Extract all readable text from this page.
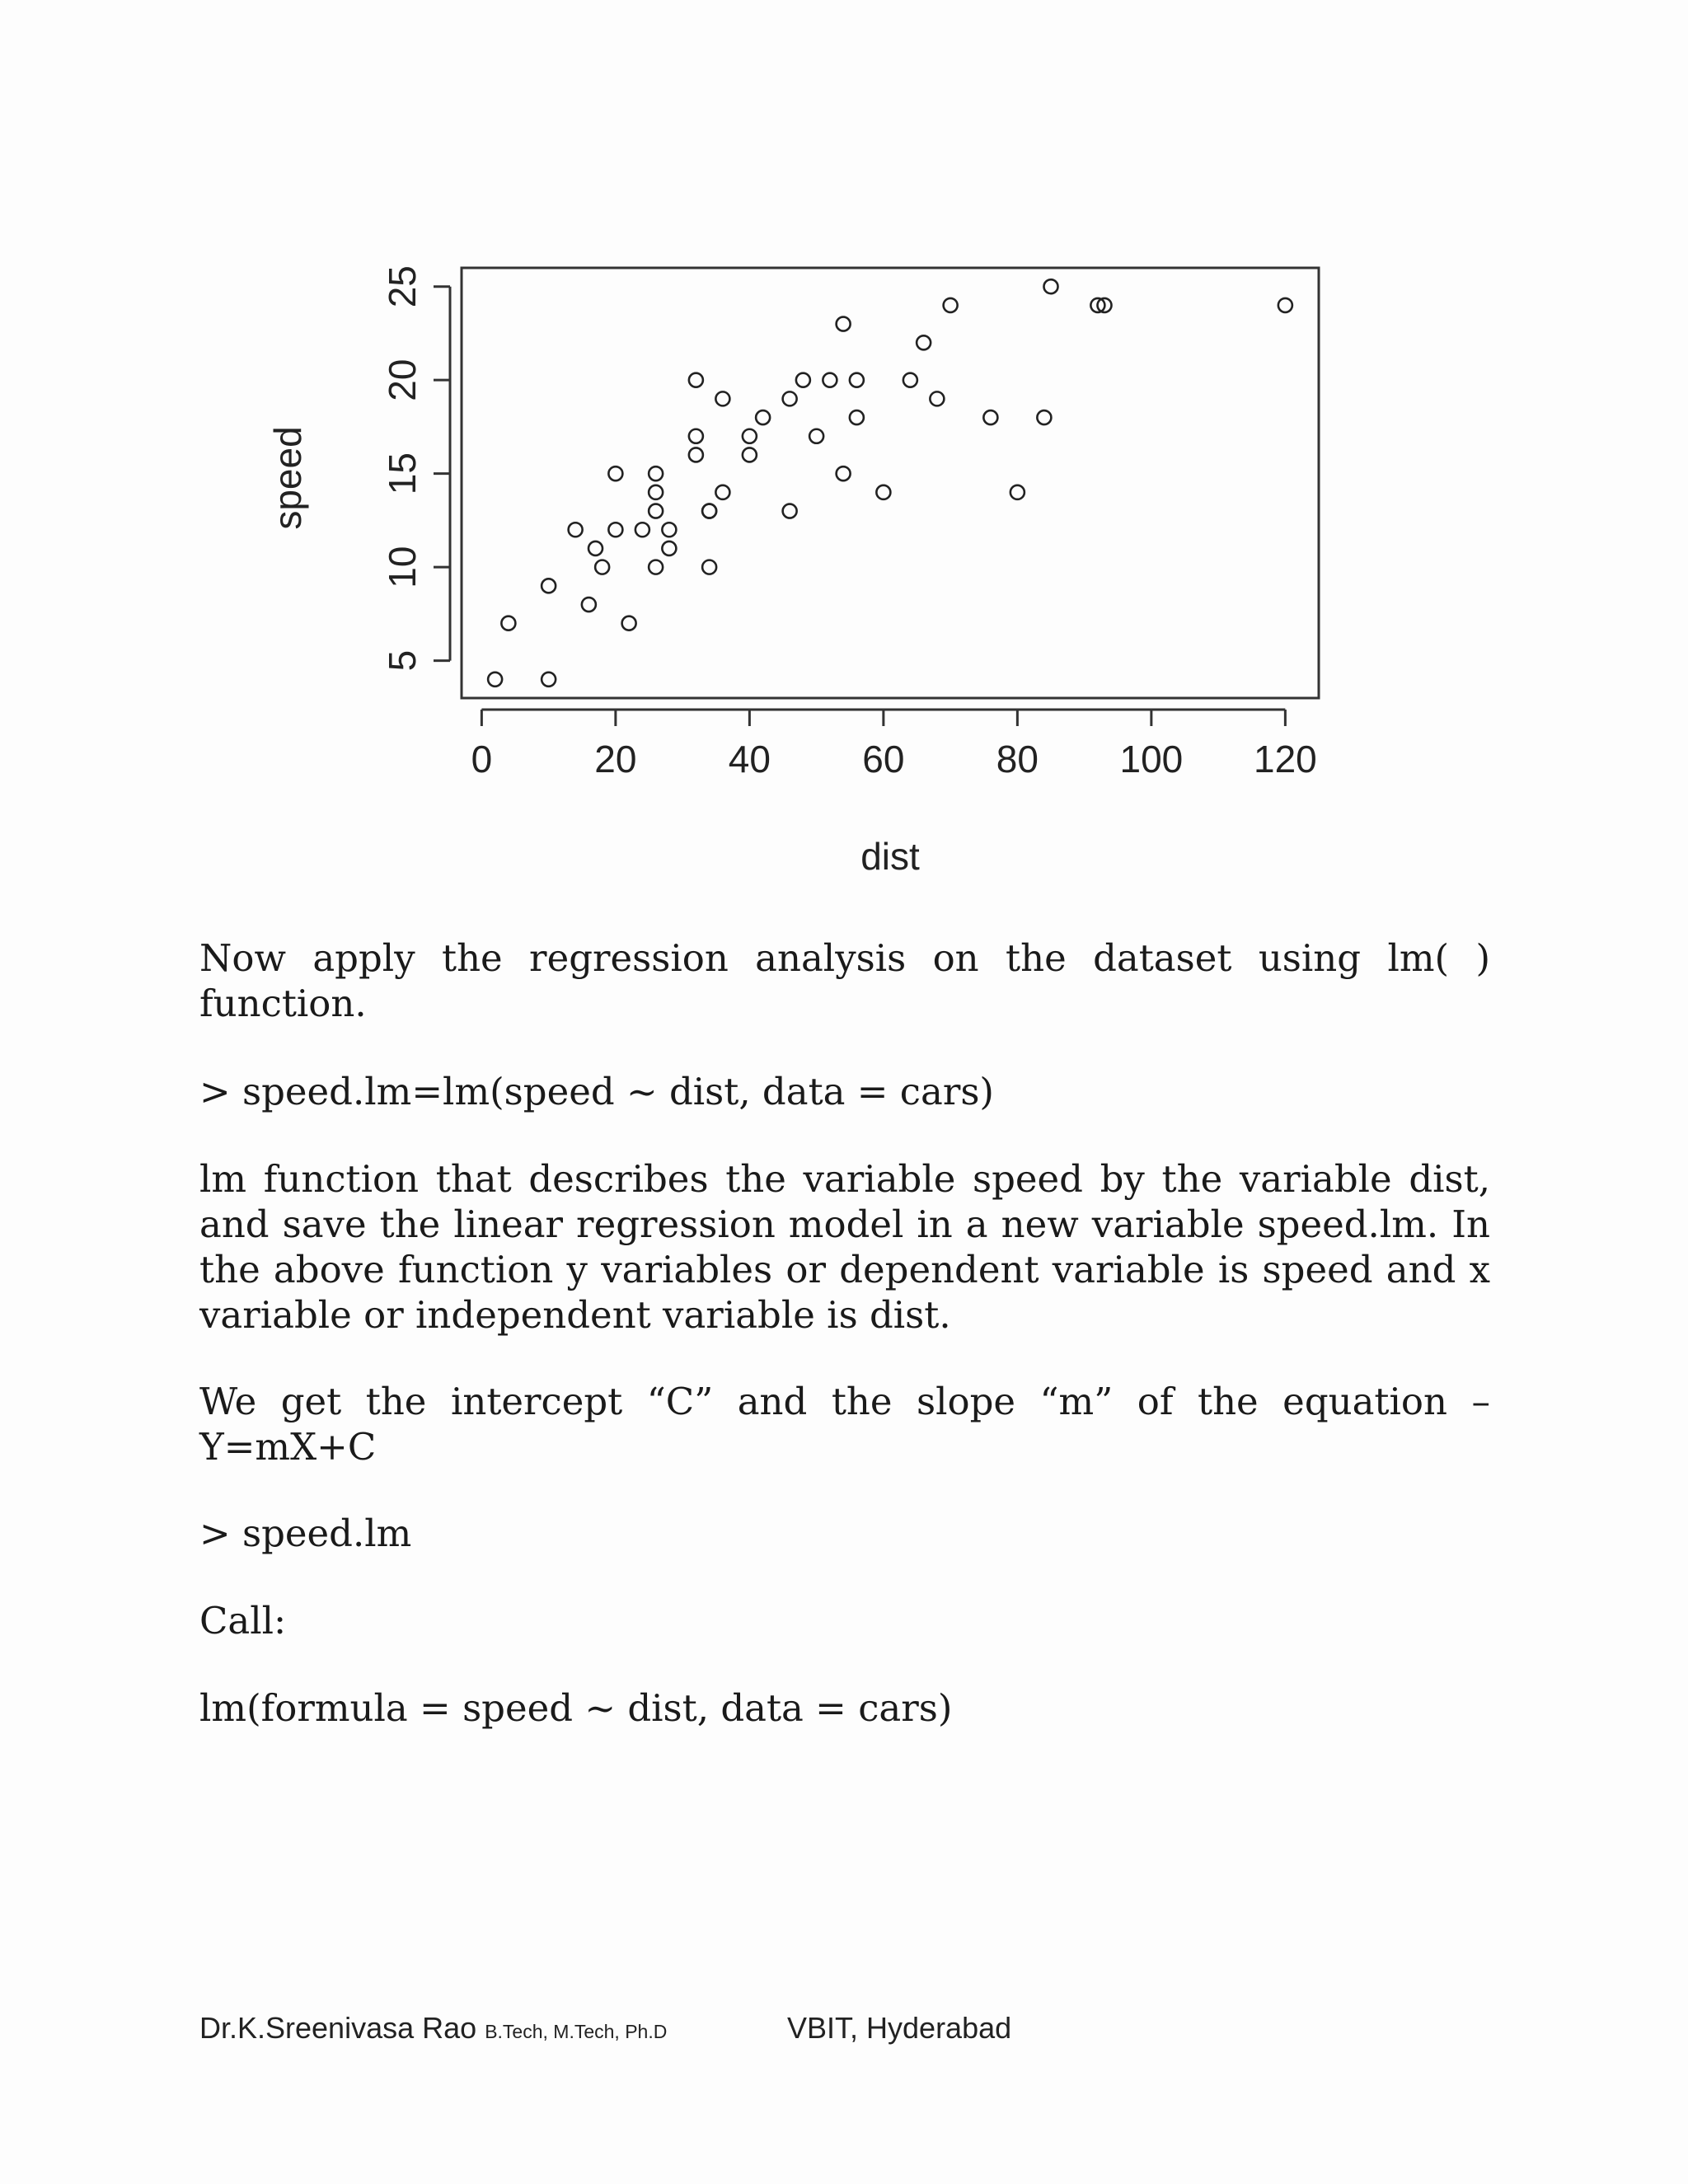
0	20 40 60 80 100 120
5
10
15
20
25
dist
speed

Now apply the regression analysis on the dataset using lm( ) function.

> speed.lm=lm(speed ~ dist, data = cars)

lm function that describes the variable speed by the variable dist, and save the linear regression model in a new variable speed.lm. In the above function y variables or dependent variable is speed and x variable or independent variable is dist.

We get the intercept “C” and the slope “m” of the equation – Y=mX+C

> speed.lm

Call:

lm(formula = speed ~ dist, data = cars)

Dr.K.Sreenivasa Rao B.Tech, M.Tech, Ph.D	VBIT, Hyderabad
